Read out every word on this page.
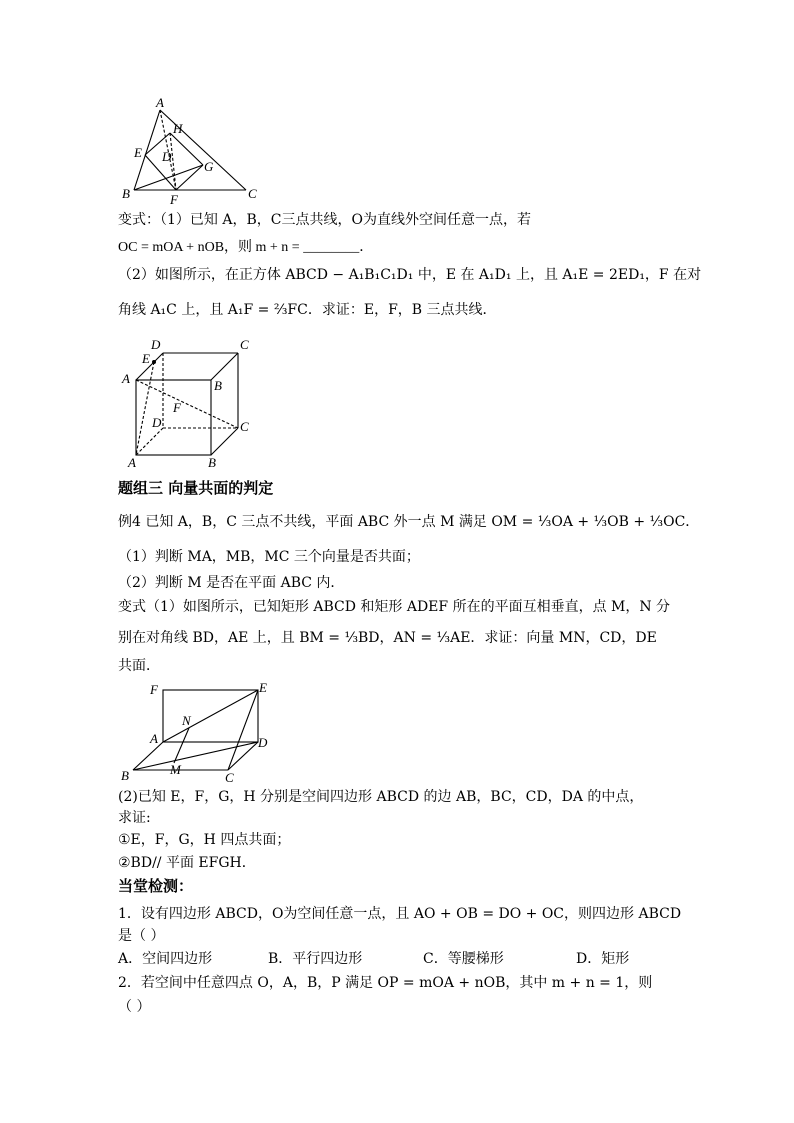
A
H
E D
G
B	F	C
变式：（1）已知 A，B，C三点共线，O为直线外空间任意一点，若
OC = mOA + nOB，则 m + n = ________．
（2）如图所示，在正方体 ABCD − A₁B₁C₁D₁ 中，E 在 A₁D₁ 上，且 A₁E = 2ED₁，F 在对
角线 A₁C 上，且 A₁F = ⅔FC．求证：E，F，B 三点共线．
D	C
E
A	B
F
D	C
A	B
题组三 向量共面的判定
例4 已知 A，B，C 三点不共线，平面 ABC 外一点 M 满足 OM = ⅓OA + ⅓OB + ⅓OC．
（1）判断 MA，MB，MC 三个向量是否共面；
（2）判断 M 是否在平面 ABC 内．
变式（1）如图所示，已知矩形 ABCD 和矩形 ADEF 所在的平面互相垂直，点 M，N 分
别在对角线 BD，AE 上，且 BM = ⅓BD，AN = ⅓AE．求证：向量 MN，CD，DE
共面．
F	E
N
A	D
B	M
C
(2)已知 E，F，G，H 分别是空间四边形 ABCD 的边 AB，BC，CD，DA 的中点，
求证:
①E，F，G，H 四点共面；
②BD// 平面 EFGH．
当堂检测：
1．设有四边形 ABCD，O为空间任意一点，且 AO + OB = DO + OC，则四边形 ABCD
是（ ）
A．空间四边形	B．平行四边形	C．等腰梯形	D．矩形
2．若空间中任意四点 O，A，B，P 满足 OP = mOA + nOB，其中 m + n = 1，则
（ ）
